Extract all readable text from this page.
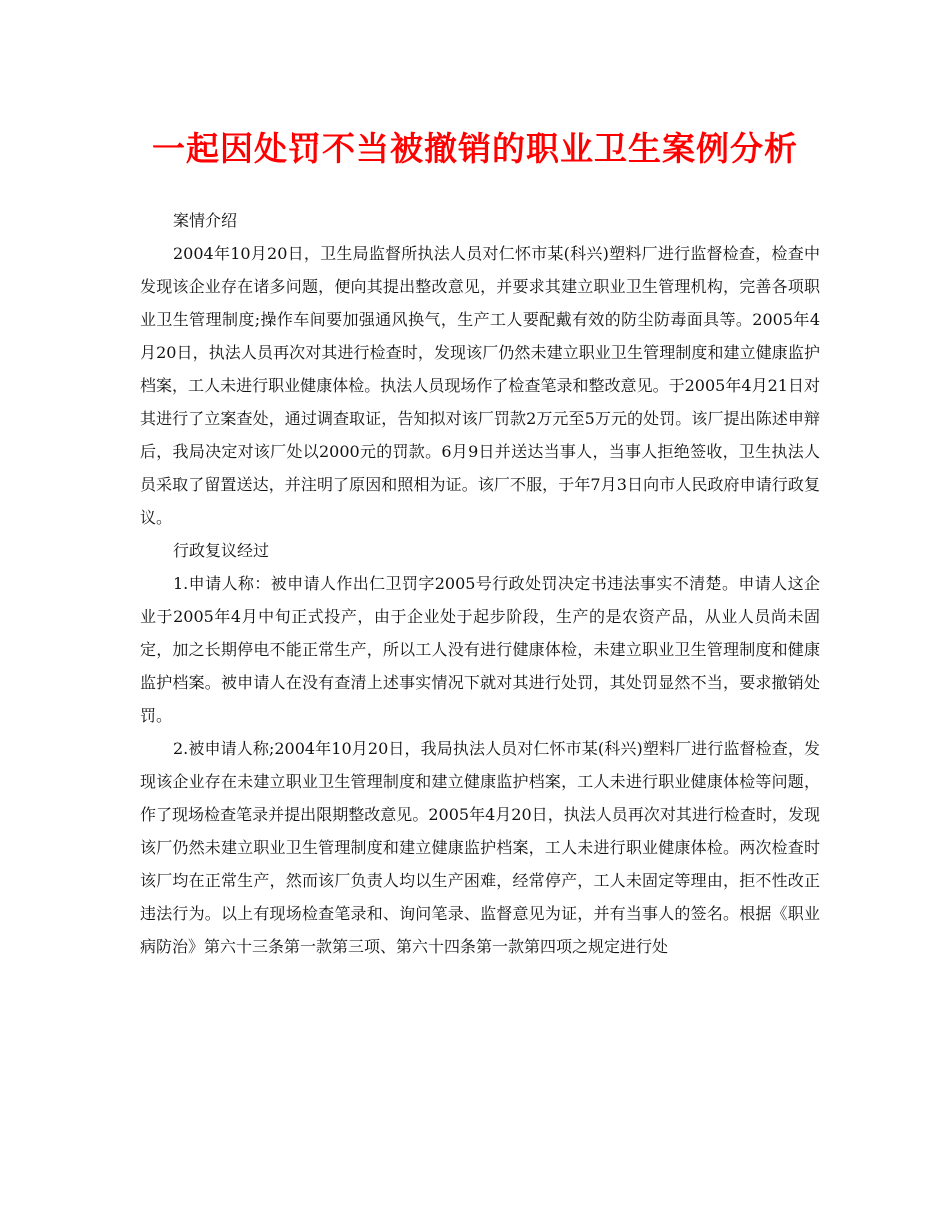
一起因处罚不当被撤销的职业卫生案例分析

案情介绍

2004年10月20日，卫生局监督所执法人员对仁怀市某(科兴)塑料厂进行监督检查，检查中发现该企业存在诸多问题，便向其提出整改意见，并要求其建立职业卫生管理机构，完善各项职业卫生管理制度;操作车间要加强通风换气，生产工人要配戴有效的防尘防毒面具等。2005年4月20日，执法人员再次对其进行检查时，发现该厂仍然未建立职业卫生管理制度和建立健康监护档案，工人未进行职业健康体检。执法人员现场作了检查笔录和整改意见。于2005年4月21日对其进行了立案查处，通过调查取证，告知拟对该厂罚款2万元至5万元的处罚。该厂提出陈述申辩后，我局决定对该厂处以2000元的罚款。6月9日并送达当事人，当事人拒绝签收，卫生执法人员采取了留置送达，并注明了原因和照相为证。该厂不服，于年7月3日向市人民政府申请行政复议。

行政复议经过

1.申请人称：被申请人作出仁卫罚字2005号行政处罚决定书违法事实不清楚。申请人这企业于2005年4月中旬正式投产，由于企业处于起步阶段，生产的是农资产品，从业人员尚未固定，加之长期停电不能正常生产，所以工人没有进行健康体检，未建立职业卫生管理制度和健康监护档案。被申请人在没有查清上述事实情况下就对其进行处罚，其处罚显然不当，要求撤销处罚。

2.被申请人称;2004年10月20日，我局执法人员对仁怀市某(科兴)塑料厂进行监督检查，发现该企业存在未建立职业卫生管理制度和建立健康监护档案，工人未进行职业健康体检等问题，作了现场检查笔录并提出限期整改意见。2005年4月20日，执法人员再次对其进行检查时，发现该厂仍然未建立职业卫生管理制度和建立健康监护档案，工人未进行职业健康体检。两次检查时该厂均在正常生产，然而该厂负责人均以生产困难，经常停产，工人未固定等理由，拒不性改正违法行为。以上有现场检查笔录和、询问笔录、监督意见为证，并有当事人的签名。根据《职业病防治》第六十三条第一款第三项、第六十四条第一款第四项之规定进行处
